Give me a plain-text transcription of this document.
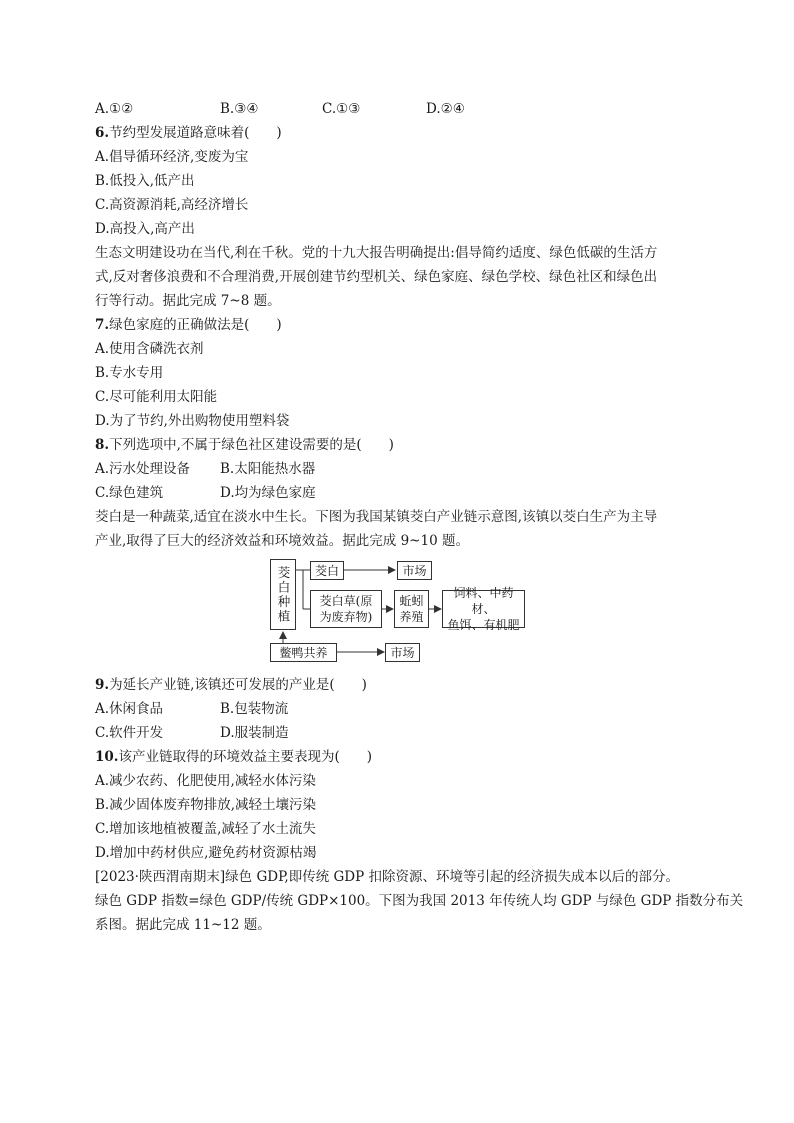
A.①②	B.③④	C.①③	D.②④
6.节约型发展道路意味着(　　)
A.倡导循环经济,变废为宝
B.低投入,低产出
C.高资源消耗,高经济增长
D.高投入,高产出
生态文明建设功在当代,利在千秋。党的十九大报告明确提出:倡导简约适度、绿色低碳的生活方
式,反对奢侈浪费和不合理消费,开展创建节约型机关、绿色家庭、绿色学校、绿色社区和绿色出
行等行动。据此完成 7~8 题。
7.绿色家庭的正确做法是(　　)
A.使用含磷洗衣剂
B.专水专用
C.尽可能利用太阳能
D.为了节约,外出购物使用塑料袋
8.下列选项中,不属于绿色社区建设需要的是(　　)
A.污水处理设备 B.太阳能热水器
C.绿色建筑	D.均为绿色家庭
茭白是一种蔬菜,适宜在淡水中生长。下图为我国某镇茭白产业链示意图,该镇以茭白生产为主导
产业,取得了巨大的经济效益和环境效益。据此完成 9~10 题。
茭白种植 茭白	市场
茭白草(原
为废弃物)
蚯蚓
养殖
饲料、中药材、
鱼饵、有机肥
鳖鸭共养	市场
9.为延长产业链,该镇还可发展的产业是(　　)
A.休闲食品	B.包装物流
C.软件开发	D.服装制造
10.该产业链取得的环境效益主要表现为(　　)
A.减少农药、化肥使用,减轻水体污染
B.减少固体废弃物排放,减轻土壤污染
C.增加该地植被覆盖,减轻了水土流失
D.增加中药材供应,避免药材资源枯竭
[2023·陕西渭南期末]绿色 GDP,即传统 GDP 扣除资源、环境等引起的经济损失成本以后的部分。
绿色 GDP 指数=绿色 GDP/传统 GDP×100。下图为我国 2013 年传统人均 GDP 与绿色 GDP 指数分布关
系图。据此完成 11~12 题。
